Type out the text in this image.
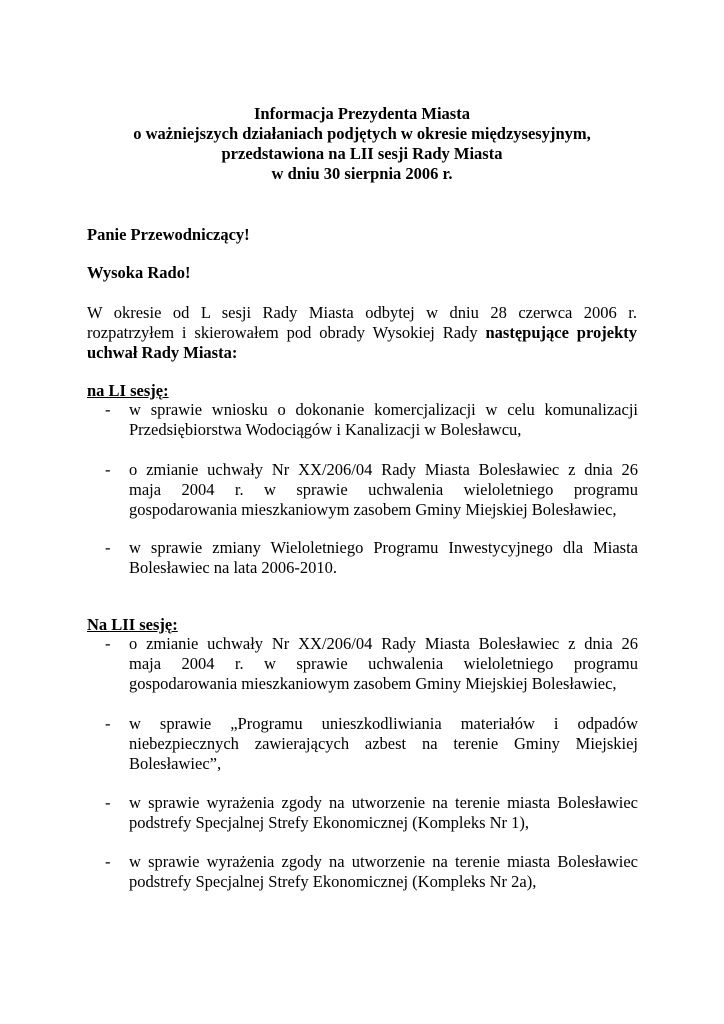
Informacja Prezydenta Miasta
o ważniejszych działaniach podjętych w okresie międzysesyjnym,
przedstawiona na LII sesji Rady Miasta
w dniu 30 sierpnia 2006 r.
Panie Przewodniczący!
Wysoka Rado!
W okresie od L sesji Rady Miasta odbytej w dniu 28 czerwca 2006 r.
rozpatrzyłem i skierowałem pod obrady Wysokiej Rady następujące projekty
uchwał Rady Miasta:
na LI sesję:
- w sprawie wniosku o dokonanie komercjalizacji w celu komunalizacji
Przedsiębiorstwa Wodociągów i Kanalizacji w Bolesławcu,
- o zmianie uchwały Nr XX/206/04 Rady Miasta Bolesławiec z dnia 26
maja 2004 r. w sprawie uchwalenia wieloletniego programu
gospodarowania mieszkaniowym zasobem Gminy Miejskiej Bolesławiec,
- w sprawie zmiany Wieloletniego Programu Inwestycyjnego dla Miasta
Bolesławiec na lata 2006-2010.
Na LII sesję:
- o zmianie uchwały Nr XX/206/04 Rady Miasta Bolesławiec z dnia 26
maja 2004 r. w sprawie uchwalenia wieloletniego programu
gospodarowania mieszkaniowym zasobem Gminy Miejskiej Bolesławiec,
- w sprawie „Programu unieszkodliwiania materiałów i odpadów
niebezpiecznych zawierających azbest na terenie Gminy Miejskiej
Bolesławiec”,
- w sprawie wyrażenia zgody na utworzenie na terenie miasta Bolesławiec
podstrefy Specjalnej Strefy Ekonomicznej (Kompleks Nr 1),
- w sprawie wyrażenia zgody na utworzenie na terenie miasta Bolesławiec
podstrefy Specjalnej Strefy Ekonomicznej (Kompleks Nr 2a),
